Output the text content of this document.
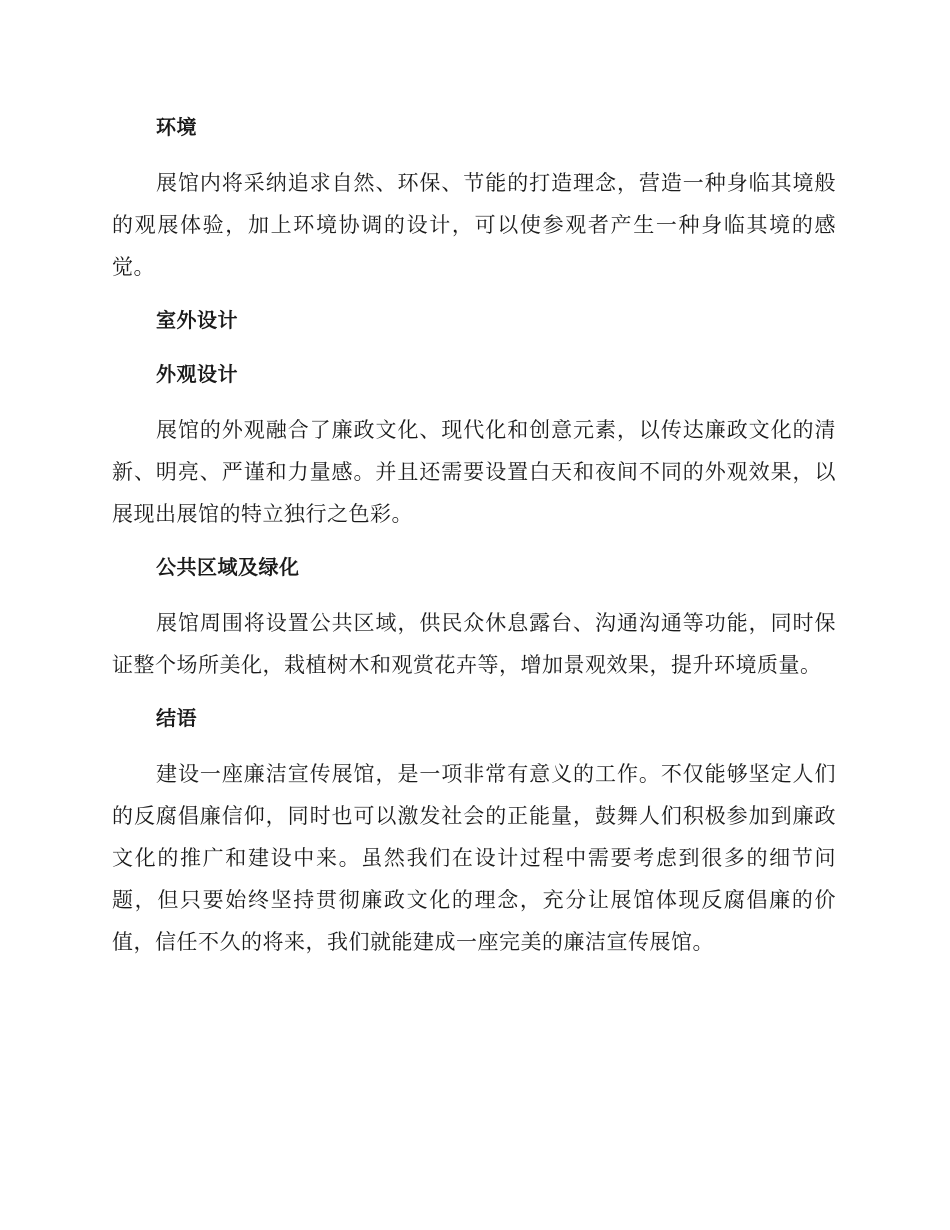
环境

展馆内将采纳追求自然、环保、节能的打造理念，营造一种身临其境般的观展体验，加上环境协调的设计，可以使参观者产生一种身临其境的感觉。

室外设计
外观设计

展馆的外观融合了廉政文化、现代化和创意元素，以传达廉政文化的清新、明亮、严谨和力量感。并且还需要设置白天和夜间不同的外观效果，以展现出展馆的特立独行之色彩。

公共区域及绿化

展馆周围将设置公共区域，供民众休息露台、沟通沟通等功能，同时保证整个场所美化，栽植树木和观赏花卉等，增加景观效果，提升环境质量。

结语

建设一座廉洁宣传展馆，是一项非常有意义的工作。不仅能够坚定人们的反腐倡廉信仰，同时也可以激发社会的正能量，鼓舞人们积极参加到廉政文化的推广和建设中来。虽然我们在设计过程中需要考虑到很多的细节问题，但只要始终坚持贯彻廉政文化的理念，充分让展馆体现反腐倡廉的价值，信任不久的将来，我们就能建成一座完美的廉洁宣传展馆。
